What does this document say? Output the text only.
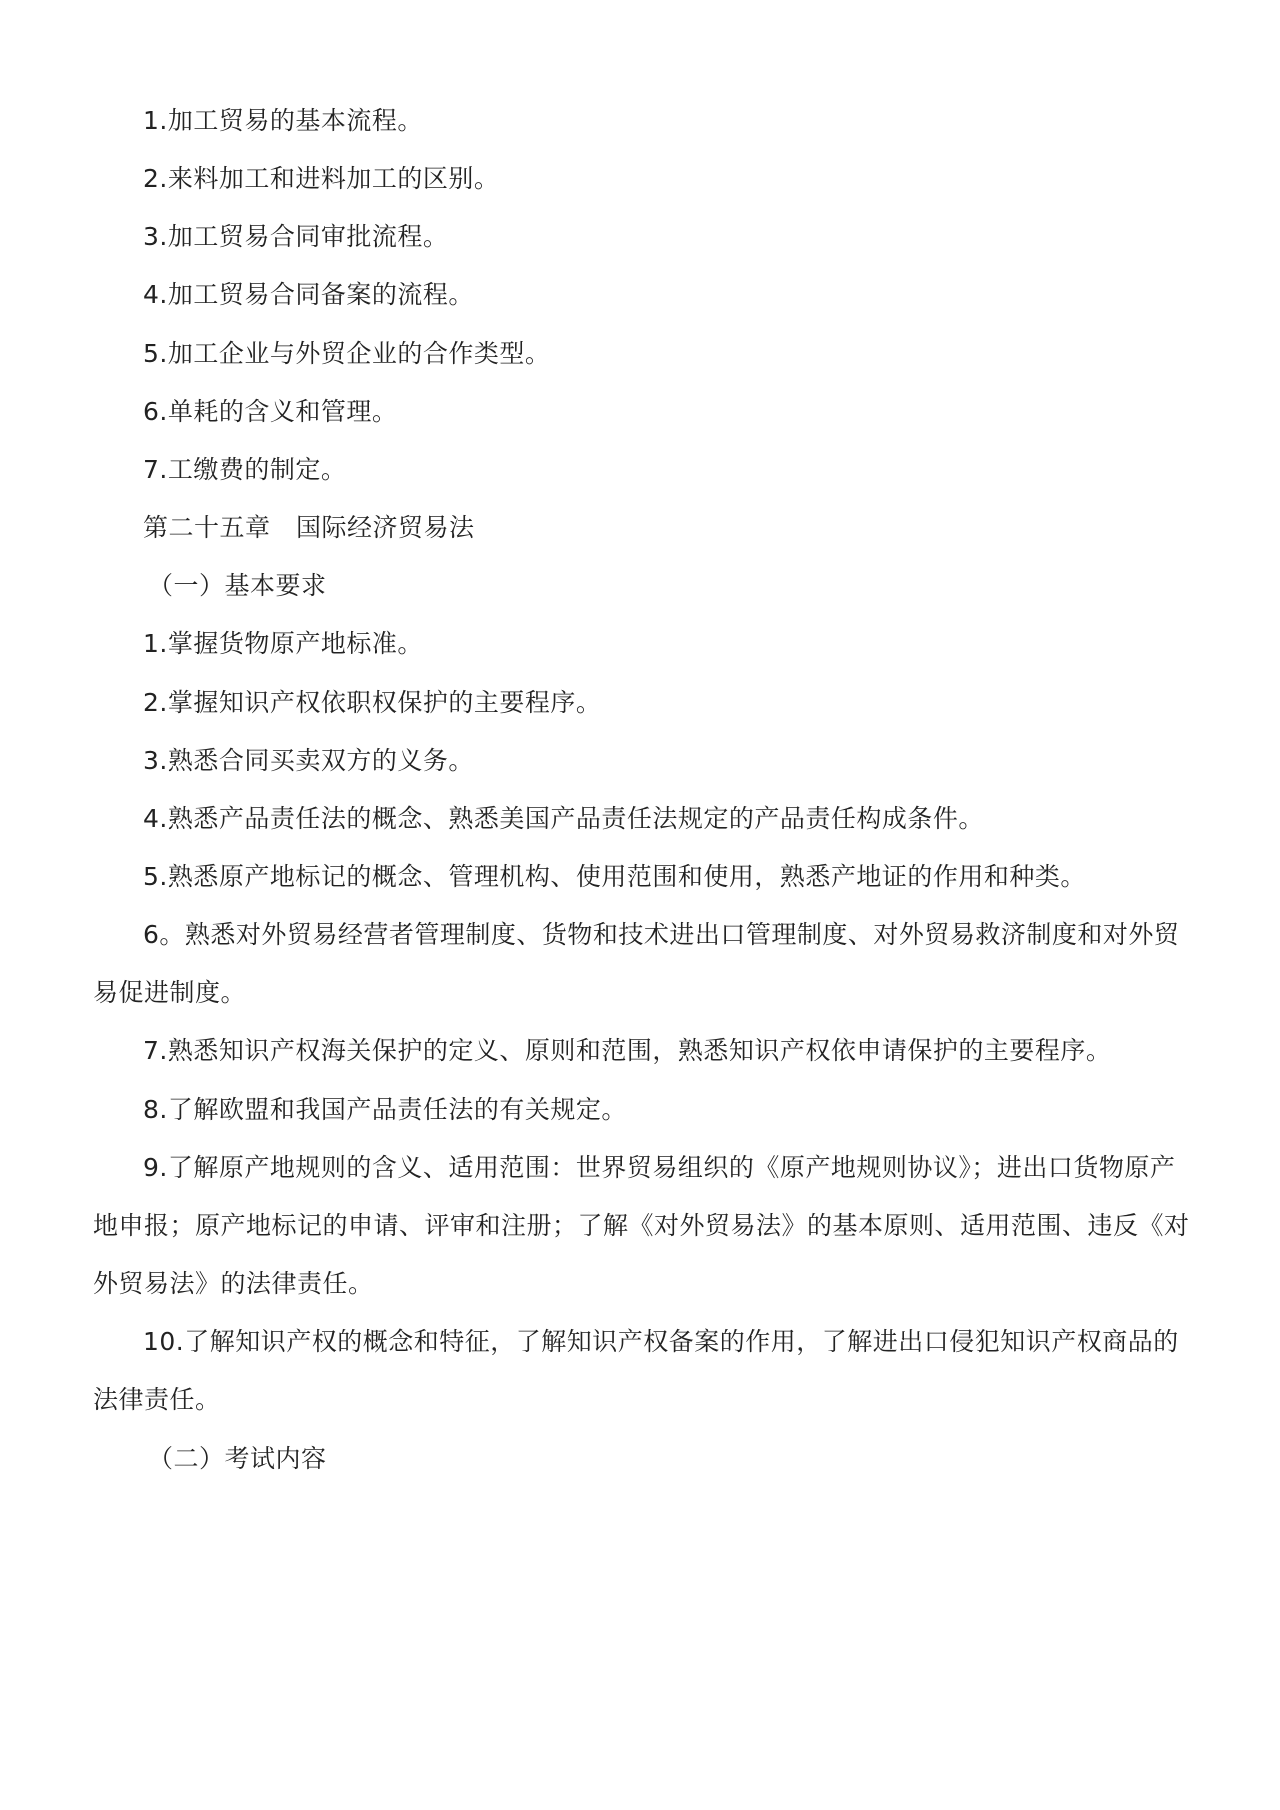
1.加工贸易的基本流程。
2.来料加工和进料加工的区别。
3.加工贸易合同审批流程。
4.加工贸易合同备案的流程。
5.加工企业与外贸企业的合作类型。
6.单耗的含义和管理。
7.工缴费的制定。
第二十五章　国际经济贸易法
（一）基本要求
1.掌握货物原产地标准。
2.掌握知识产权依职权保护的主要程序。
3.熟悉合同买卖双方的义务。
4.熟悉产品责任法的概念、熟悉美国产品责任法规定的产品责任构成条件。
5.熟悉原产地标记的概念、管理机构、使用范围和使用，熟悉产地证的作用和种类。
6。熟悉对外贸易经营者管理制度、货物和技术进出口管理制度、对外贸易救济制度和对外贸
易促进制度。
7.熟悉知识产权海关保护的定义、原则和范围，熟悉知识产权依申请保护的主要程序。
8.了解欧盟和我国产品责任法的有关规定。
9.了解原产地规则的含义、适用范围：世界贸易组织的《原产地规则协议》；进出口货物原产
地申报；原产地标记的申请、评审和注册；了解《对外贸易法》的基本原则、适用范围、违反《对
外贸易法》的法律责任。
10.了解知识产权的概念和特征，了解知识产权备案的作用，了解进出口侵犯知识产权商品的
法律责任。
（二）考试内容
